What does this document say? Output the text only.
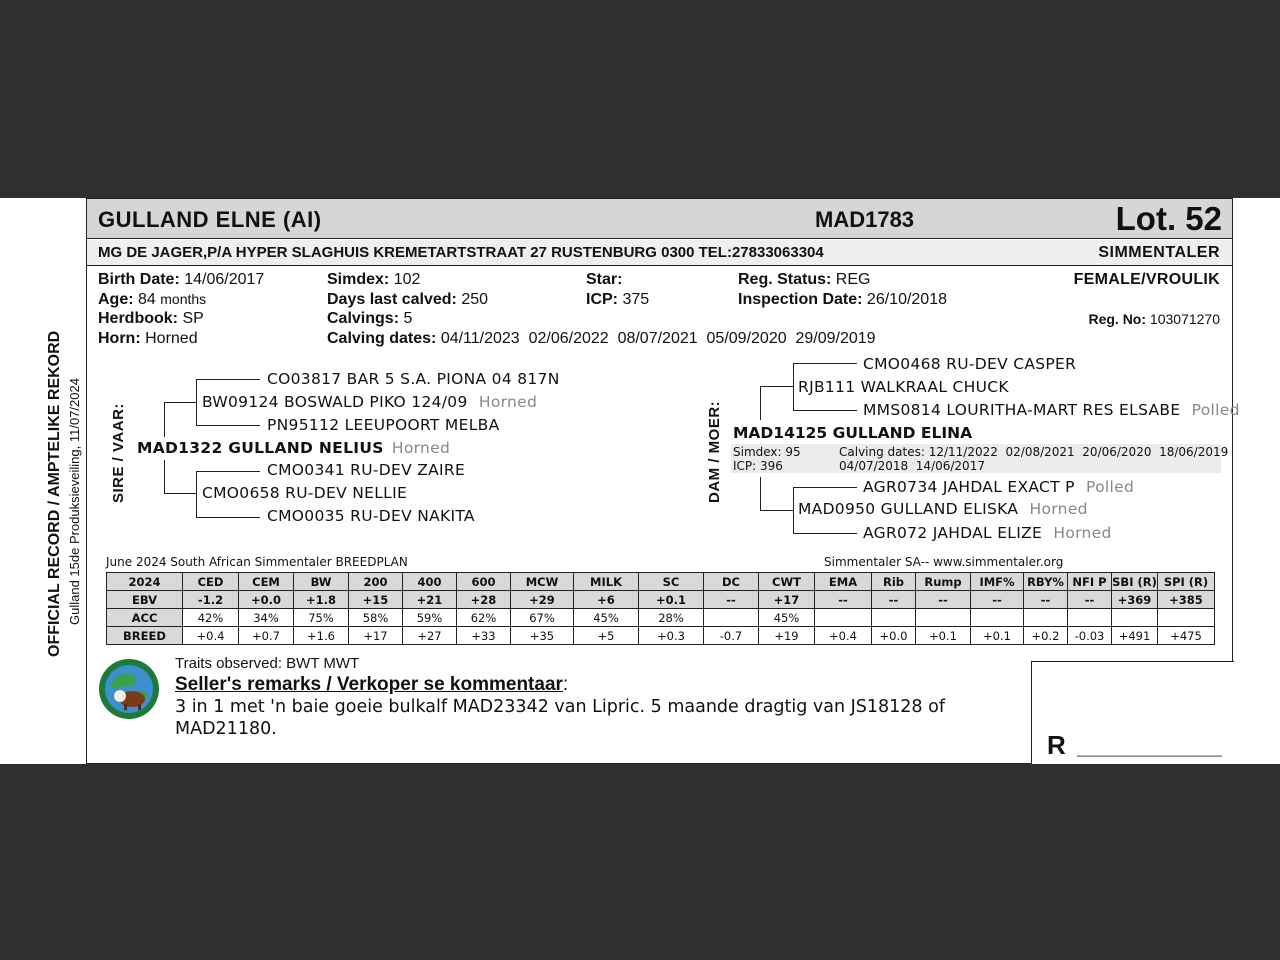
OFFICIAL RECORD / AMPTELIKE REKORD Gulland 15de Produksieveiling, 11/07/2024
GULLAND ELNE (AI)	MAD1783	Lot. 52
MG DE JAGER,P/A HYPER SLAGHUIS KREMETARTSTRAAT 27 RUSTENBURG 0300 TEL:27833063304	SIMMENTALER
Birth Date: 14/06/2017
Age: 84 months
Herdbook: SP
Horn: Horned
Simdex: 102
Days last calved: 250
Calvings: 5
Calving dates: 04/11/2023  02/06/2022  08/07/2021  05/09/2020  29/09/2019
Star:
ICP: 375
Reg. Status: REG
Inspection Date: 26/10/2018
FEMALE/VROULIK
Reg. No: 103071270
SIRE / VAAR:
CO03817 BAR 5 S.A. PIONA 04 817N
BW09124 BOSWALD PIKO 124/09 Horned
PN95112 LEEUPOORT MELBA
MAD1322 GULLAND NELIUS Horned
CMO0341 RU-DEV ZAIRE
CMO0658 RU-DEV NELLIE
CMO0035 RU-DEV NAKITA
DAM / MOER:
CMO0468 RU-DEV CASPER
RJB111 WALKRAAL CHUCK
MMS0814 LOURITHA-MART RES ELSABE Polled
MAD14125 GULLAND ELINA
Simdex: 95
ICP: 396
Calving dates: 12/11/2022  02/08/2021  20/06/2020  18/06/2019
04/07/2018  14/06/2017
AGR0734 JAHDAL EXACT P Polled
MAD0950 GULLAND ELISKA Horned
AGR072 JAHDAL ELIZE Horned
June 2024 South African Simmentaler BREEDPLAN	Simmentaler SA-- www.simmentaler.org
2024	CED	CEM	BW	200	400	600	MCW	MILK	SC	DC	CWT	EMA	Rib	Rump	IMF%	RBY%	NFI P	SBI (R)	SPI (R)
EBV	-1.2	+0.0	+1.8	+15	+21	+28	+29	+6	+0.1	--	+17	--	--	--	--	--	--	+369	+385
ACC	42%	34%	75%	58%	59%	62%	67%	45%	28%		45%								
BREED	+0.4	+0.7	+1.6	+17	+27	+33	+35	+5	+0.3	-0.7	+19	+0.4	+0.0	+0.1	+0.1	+0.2	-0.03	+491	+475
Traits observed: BWT MWT
Seller's remarks / Verkoper se kommentaar:
3 in 1 met 'n baie goeie bulkalf MAD23342 van Lipric. 5 maande dragtig van JS18128 of
MAD21180.
R ____________________
